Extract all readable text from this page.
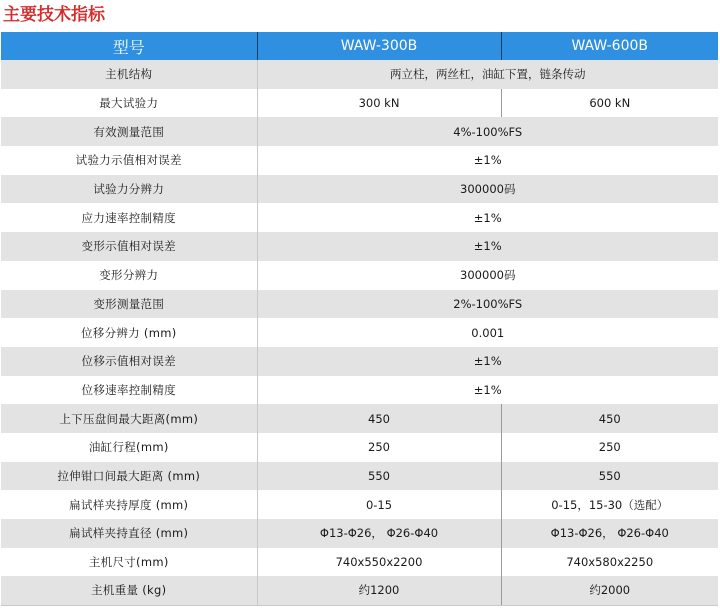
主要技术指标
型号	WAW-300B	WAW-600B
主机结构	两立柱，两丝杠，油缸下置，链条传动	
最大试验力	300 kN	600 kN
有效测量范围	4%-100%FS	
试验力示值相对误差	±1%	
试验力分辨力	300000码	
应力速率控制精度	±1%	
变形示值相对误差	±1%	
变形分辨力	300000码	
变形测量范围	2%-100%FS	
位移分辨力 (mm)	0.001	
位移示值相对误差	±1%	
位移速率控制精度	±1%	
上下压盘间最大距离(mm)	450	450
油缸行程(mm)	250	250
拉伸钳口间最大距离 (mm)	550	550
扁试样夹持厚度 (mm)	0-15	0-15，15-30（选配）
扁试样夹持直径 (mm)	Φ13-Φ26， Φ26-Φ40	Φ13-Φ26， Φ26-Φ40
主机尺寸(mm)	740x550x2200	740x580x2250
主机重量 (kg)	约1200	约2000
